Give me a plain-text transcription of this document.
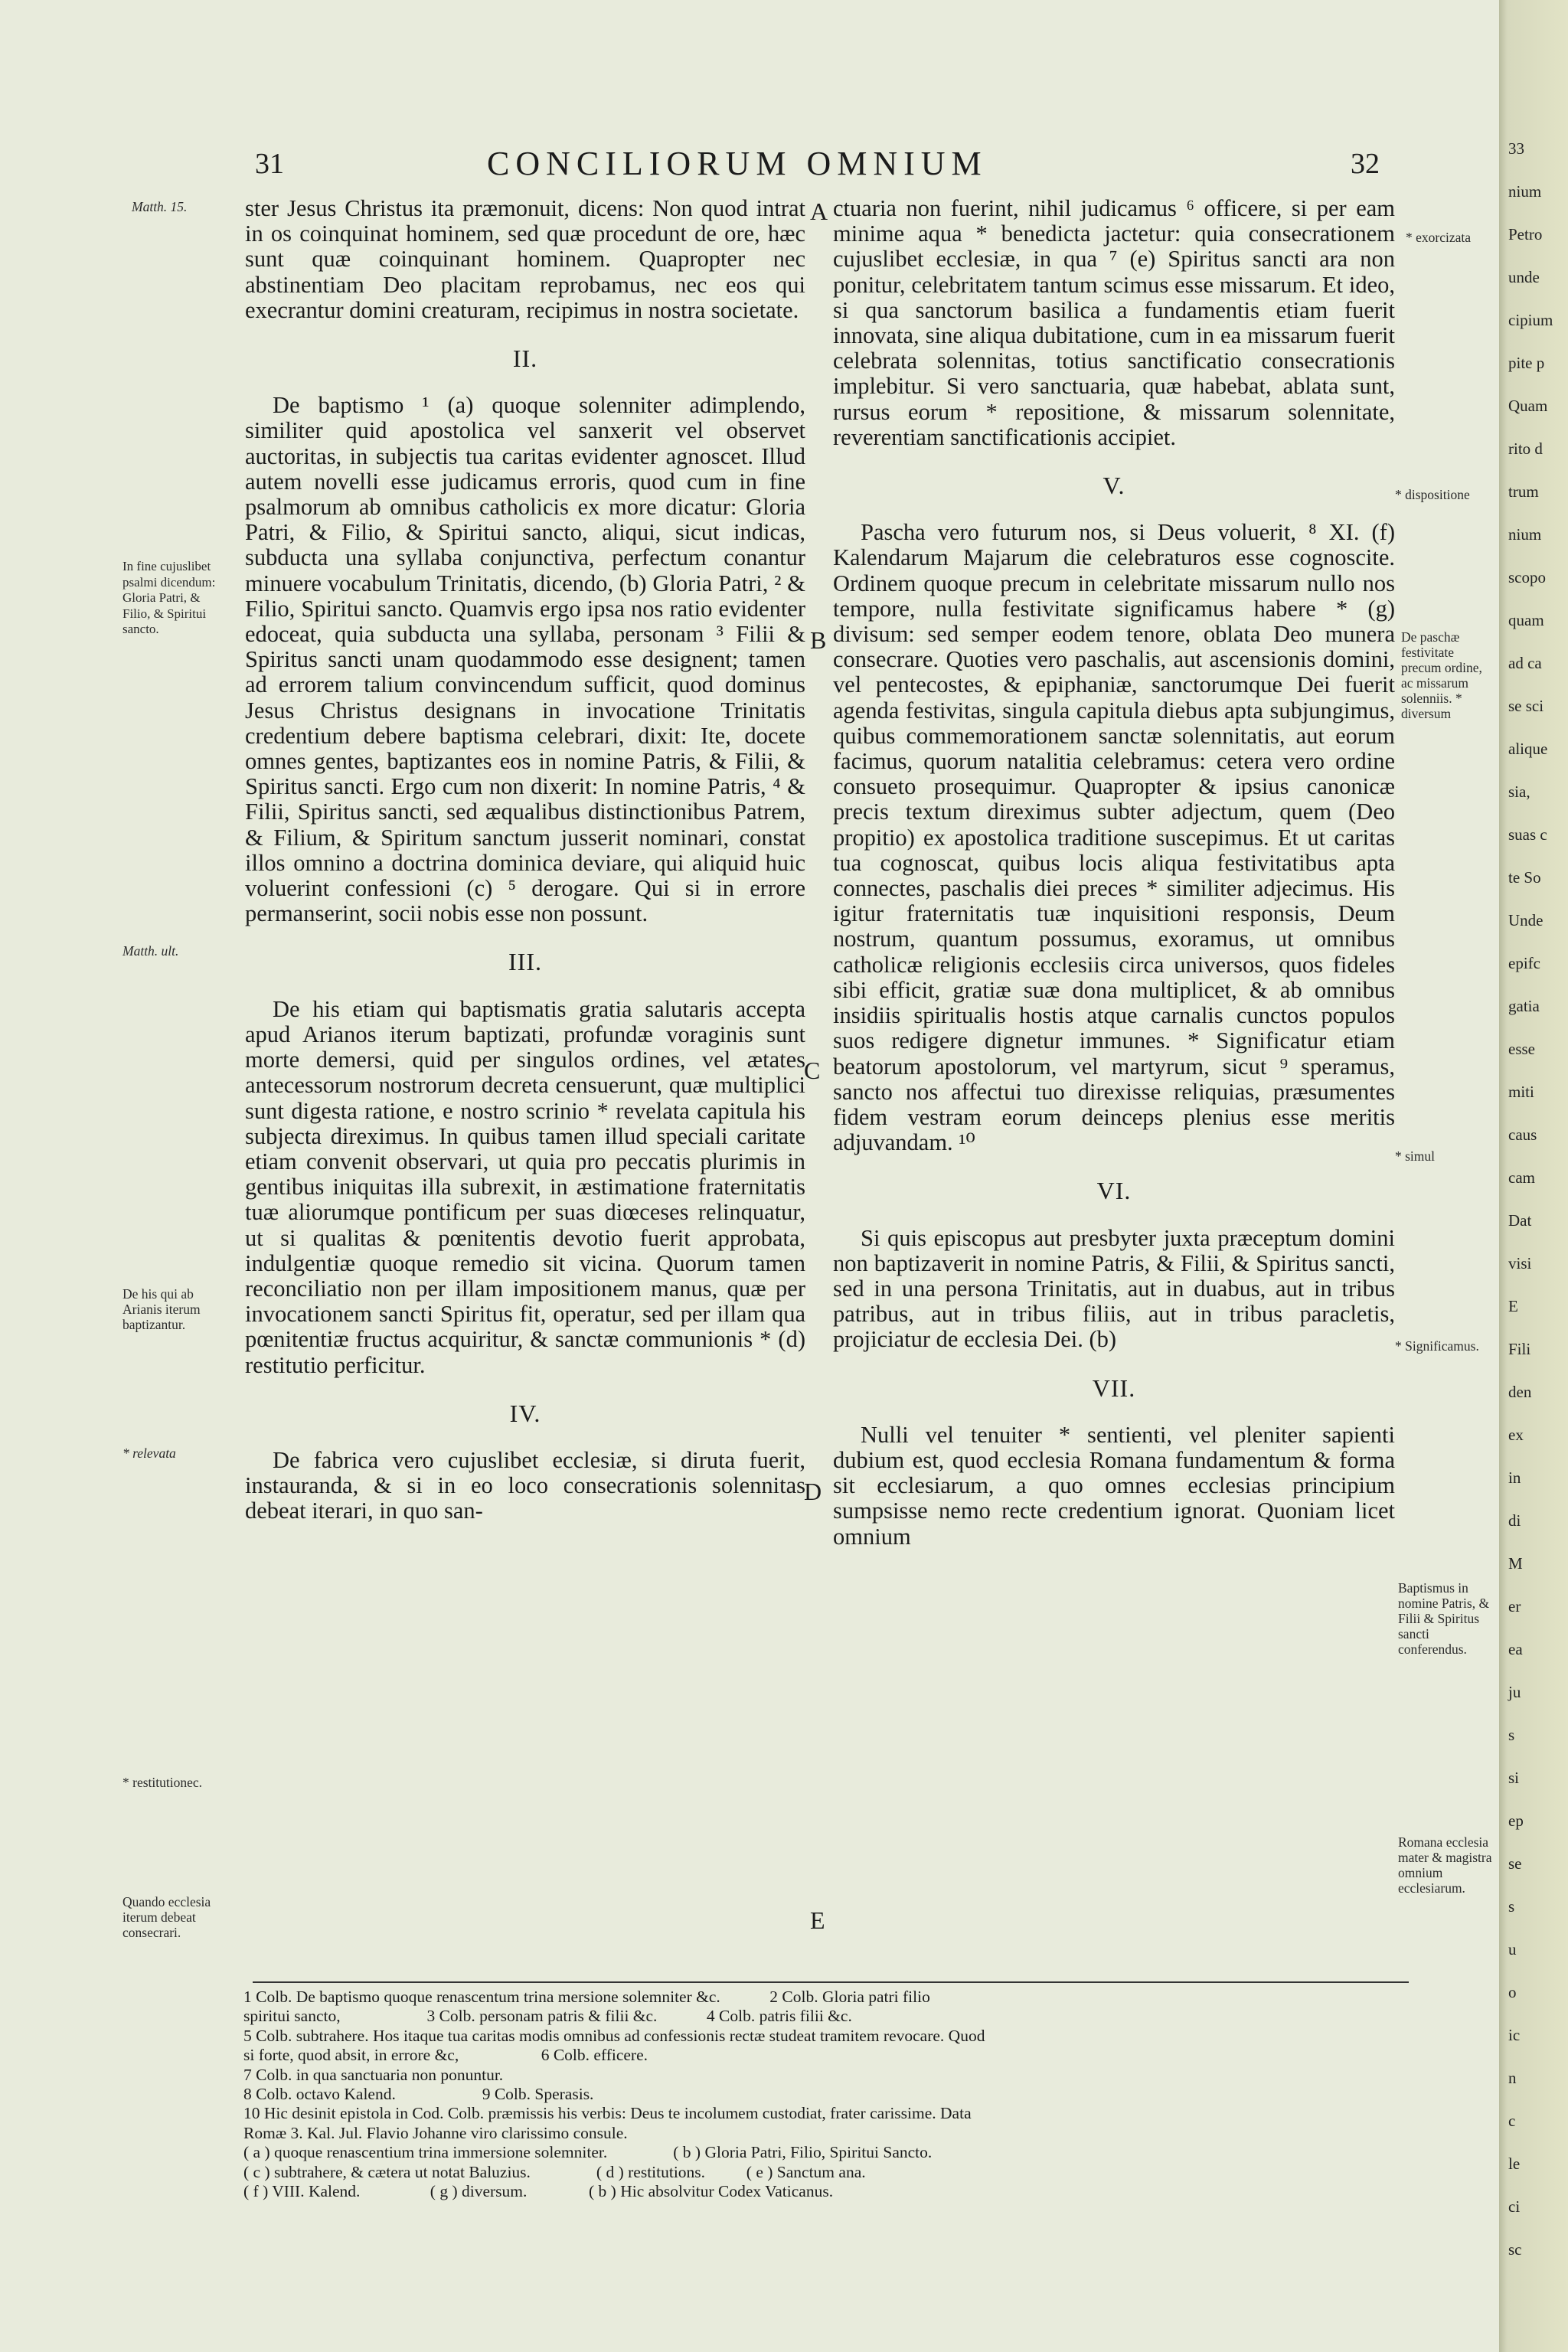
31	CONCILIORUM OMNIUM	32
Matth. 15.
In fine cujuslibet psalmi dicendum: Gloria Patri, & Filio, & Spiritui sancto.
Matth. ult.
De his qui ab Arianis iterum baptizantur.
* relevata
* restitutionec.
Quando ecclesia iterum debeat consecrari.
A
B
C
D
E

ster Jesus Christus ita præmonuit, dicens: Non quod intrat in os coinquinat hominem, sed quæ procedunt de ore, hæc sunt quæ coinquinant hominem. Quapropter nec abstinentiam Deo placitam reprobamus, nec eos qui execrantur domini creaturam, recipimus in nostra societate.

II.

De baptismo ¹ (a) quoque solenniter adimplendo, similiter quid apostolica vel sanxerit vel observet auctoritas, in subjectis tua caritas evidenter agnoscet. Illud autem novelli esse judicamus erroris, quod cum in fine psalmorum ab omnibus catholicis ex more dicatur: Gloria Patri, & Filio, & Spiritui sancto, aliqui, sicut indicas, subducta una syllaba conjunctiva, perfectum conantur minuere vocabulum Trinitatis, dicendo, (b) Gloria Patri, ² & Filio, Spiritui sancto. Quamvis ergo ipsa nos ratio evidenter edoceat, quia subducta una syllaba, personam ³ Filii & Spiritus sancti unam quodammodo esse designent; tamen ad errorem talium convincendum sufficit, quod dominus Jesus Christus designans in invocatione Trinitatis credentium debere baptisma celebrari, dixit: Ite, docete omnes gentes, baptizantes eos in nomine Patris, & Filii, & Spiritus sancti. Ergo cum non dixerit: In nomine Patris, ⁴ & Filii, Spiritus sancti, sed æqualibus distinctionibus Patrem, & Filium, & Spiritum sanctum jusserit nominari, constat illos omnino a doctrina dominica deviare, qui aliquid huic voluerint confessioni (c) ⁵ derogare. Qui si in errore permanserint, socii nobis esse non possunt.

III.

De his etiam qui baptismatis gratia salutaris accepta apud Arianos iterum baptizati, profundæ voraginis sunt morte demersi, quid per singulos ordines, vel ætates antecessorum nostrorum decreta censuerunt, quæ multiplici sunt digesta ratione, e nostro scrinio * revelata capitula his subjecta direximus. In quibus tamen illud speciali caritate etiam convenit observari, ut quia pro peccatis plurimis in gentibus iniquitas illa subrexit, in æstimatione fraternitatis tuæ aliorumque pontificum per suas diœceses relinquatur, ut si qualitas & pœnitentis devotio fuerit approbata, indulgentiæ quoque remedio sit vicina. Quorum tamen reconciliatio non per illam impositionem manus, quæ per invocationem sancti Spiritus fit, operatur, sed per illam qua pœnitentiæ fructus acquiritur, & sanctæ communionis * (d) restitutio perficitur.

IV.

De fabrica vero cujuslibet ecclesiæ, si diruta fuerit, instauranda, & si in eo loco consecrationis solennitas debeat iterari, in quo san-

ctuaria non fuerint, nihil judicamus ⁶ officere, si per eam minime aqua * benedicta jactetur: quia consecrationem cujuslibet ecclesiæ, in qua ⁷ (e) Spiritus sancti ara non ponitur, celebritatem tantum scimus esse missarum. Et ideo, si qua sanctorum basilica a fundamentis etiam fuerit innovata, sine aliqua dubitatione, cum in ea missarum fuerit celebrata solennitas, totius sanctificatio consecrationis implebitur. Si vero sanctuaria, quæ habebat, ablata sunt, rursus eorum * repositione, & missarum solennitate, reverentiam sanctificationis accipiet.

V.

Pascha vero futurum nos, si Deus voluerit, ⁸ XI. (f) Kalendarum Majarum die celebraturos esse cognoscite. Ordinem quoque precum in celebritate missarum nullo nos tempore, nulla festivitate significamus habere * (g) divisum: sed semper eodem tenore, oblata Deo munera consecrare. Quoties vero paschalis, aut ascensionis domini, vel pentecostes, & epiphaniæ, sanctorumque Dei fuerit agenda festivitas, singula capitula diebus apta subjungimus, quibus commemorationem sanctæ solennitatis, aut eorum facimus, quorum natalitia celebramus: cetera vero ordine consueto prosequimur. Quapropter & ipsius canonicæ precis textum direximus subter adjectum, quem (Deo propitio) ex apostolica traditione suscepimus. Et ut caritas tua cognoscat, quibus locis aliqua festivitatibus apta connectes, paschalis diei preces * similiter adjecimus. His igitur fraternitatis tuæ inquisitioni responsis, Deum nostrum, quantum possumus, exoramus, ut omnibus catholicæ religionis ecclesiis circa universos, quos fideles sibi efficit, gratiæ suæ dona multiplicet, & ab omnibus insidiis spiritualis hostis atque carnalis cunctos populos suos redigere dignetur immunes. * Significatur etiam beatorum apostolorum, vel martyrum, sicut ⁹ speramus, sancto nos affectui tuo direxisse reliquias, præsumentes fidem vestram eorum deinceps plenius esse meritis adjuvandam. ¹⁰

VI.

Si quis episcopus aut presbyter juxta præceptum domini non baptizaverit in nomine Patris, & Filii, & Spiritus sancti, sed in una persona Trinitatis, aut in duabus, aut in tribus patribus, aut in tribus filiis, aut in tribus paracletis, projiciatur de ecclesia Dei. (b)

VII.

Nulli vel tenuiter * sentienti, vel pleniter sapienti dubium est, quod ecclesia Romana fundamentum & forma sit ecclesiarum, a quo omnes ecclesias principium sumpsisse nemo recte credentium ignorat. Quoniam licet omnium

* exorcizata
* dispositione
De paschæ festivitate precum ordine, ac missarum solenniis. * diversum
* simul
* Significamus.
Baptismus in nomine Patris, & Filii & Spiritus sancti conferendus.
Romana ecclesia mater & magistra omnium ecclesiarum.
1 Colb. De baptismo quoque renascentum trina mersione solemniter &c.            2 Colb. Gloria patri filio
spiritui sancto,                     3 Colb. personam patris & filii &c.            4 Colb. patris filii &c.
5 Colb. subtrahere. Hos itaque tua caritas modis omnibus ad confessionis rectæ studeat tramitem revocare. Quod
si forte, quod absit, in errore &c,                    6 Colb. efficere.
7 Colb. in qua sanctuaria non ponuntur.
8 Colb. octavo Kalend.                     9 Colb. Sperasis.
10 Hic desinit epistola in Cod. Colb. præmissis his verbis: Deus te incolumem custodiat, frater carissime. Data
Romæ 3. Kal. Jul. Flavio Johanne viro clarissimo consule.
( a ) quoque renascentium trina immersione solemniter.                ( b ) Gloria Patri, Filio, Spiritui Sancto.
( c ) subtrahere, & cætera ut notat Baluzius.                ( d ) restitutions.          ( e ) Sanctum ana.
( f ) VIII. Kalend.                 ( g ) diversum.               ( b ) Hic absolvitur Codex Vaticanus.
33
nium
Petro
unde
cipium
pite p
Quam
rito d
trum
nium
scopo
quam
ad ca
se sci
alique
sia,
suas c
te So
Unde
epifc
gatia
esse
miti
caus
cam
Dat
visi
E
Fili
den
ex
in
di
M
er
ea
ju
s
si
ep
se
s
u
o
ic
n
c
le
ci
sc
